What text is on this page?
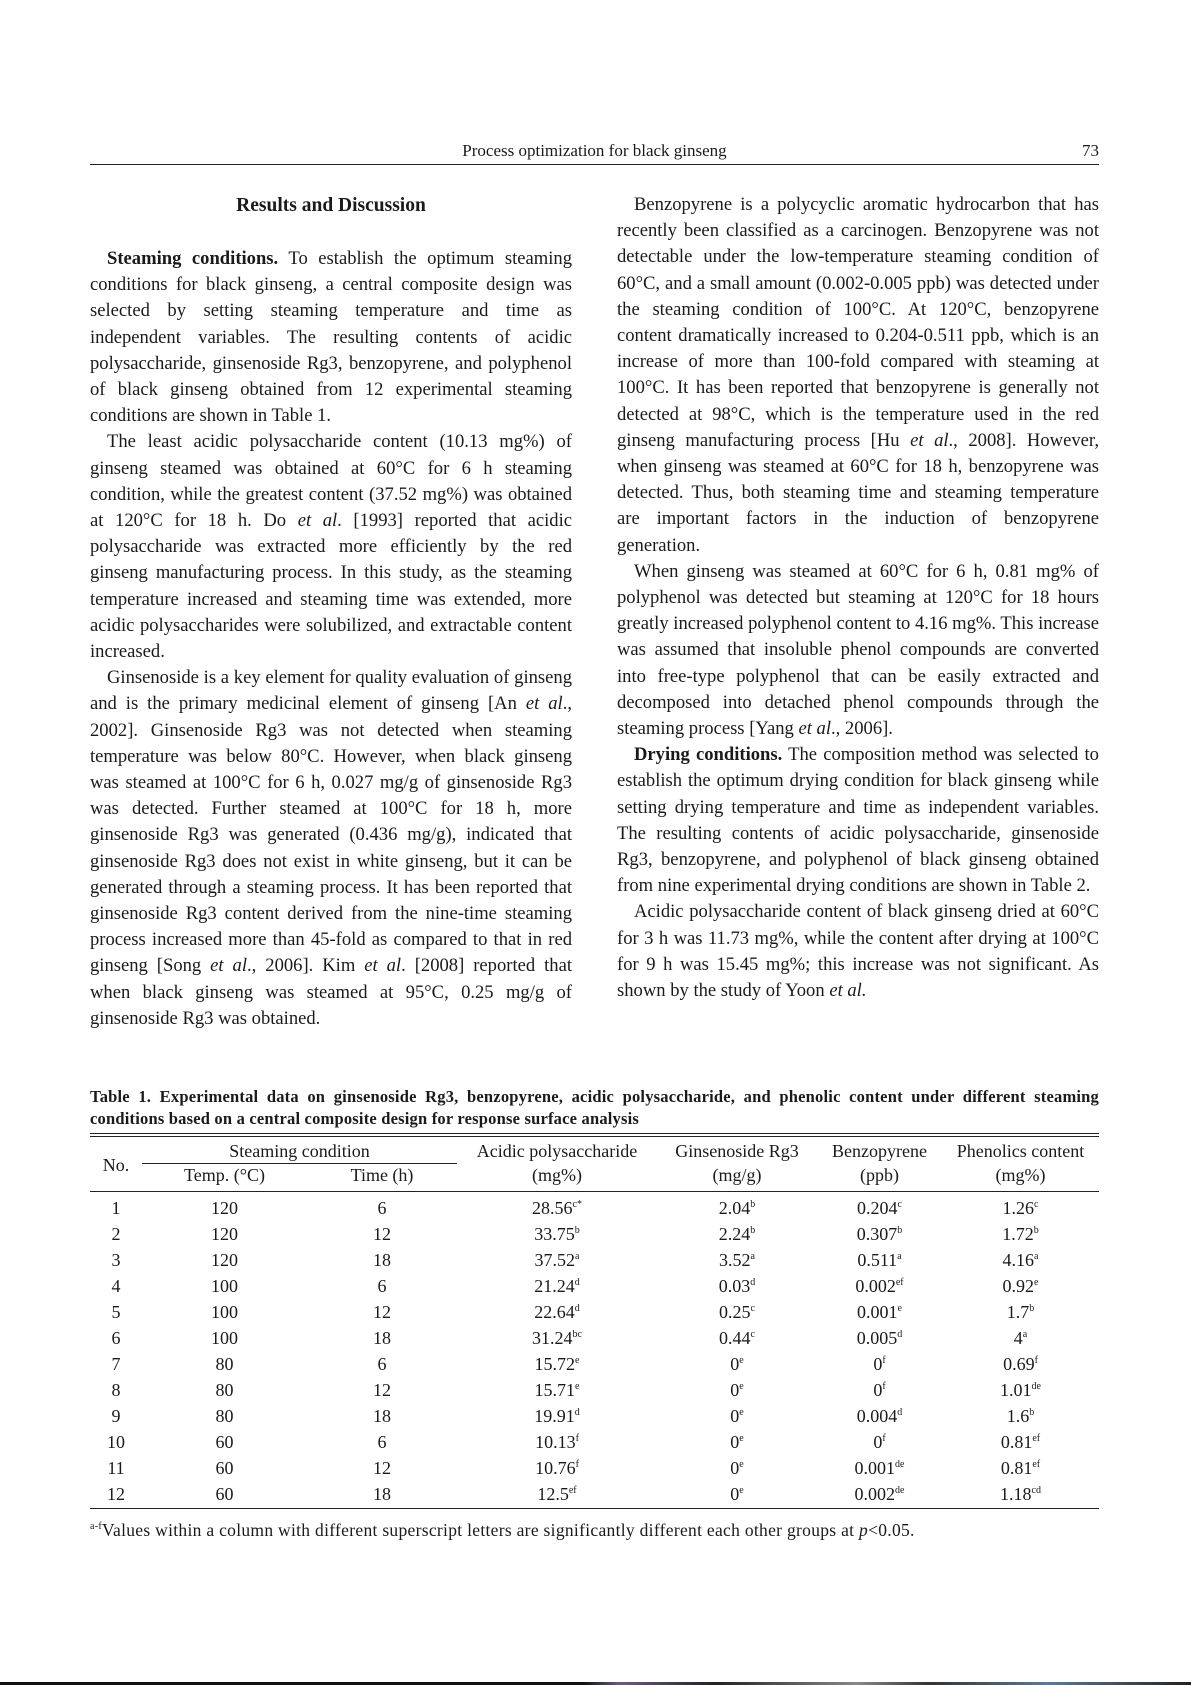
Process optimization for black ginseng	73
Results and Discussion

Steaming conditions. To establish the optimum steaming conditions for black ginseng, a central composite design was selected by setting steaming temperature and time as independent variables. The resulting contents of acidic polysaccharide, ginsenoside Rg3, benzopyrene, and polyphenol of black ginseng obtained from 12 experimental steaming conditions are shown in Table 1.

The least acidic polysaccharide content (10.13 mg%) of ginseng steamed was obtained at 60°C for 6 h steaming condition, while the greatest content (37.52 mg%) was obtained at 120°C for 18 h. Do et al. [1993] reported that acidic polysaccharide was extracted more efficiently by the red ginseng manufacturing process. In this study, as the steaming temperature increased and steaming time was extended, more acidic polysaccharides were solubilized, and extractable content increased.

Ginsenoside is a key element for quality evaluation of ginseng and is the primary medicinal element of ginseng [An et al., 2002]. Ginsenoside Rg3 was not detected when steaming temperature was below 80°C. However, when black ginseng was steamed at 100°C for 6 h, 0.027 mg/g of ginsenoside Rg3 was detected. Further steamed at 100°C for 18 h, more ginsenoside Rg3 was generated (0.436 mg/g), indicated that ginsenoside Rg3 does not exist in white ginseng, but it can be generated through a steaming process. It has been reported that ginsenoside Rg3 content derived from the nine-time steaming process increased more than 45-fold as compared to that in red ginseng [Song et al., 2006]. Kim et al. [2008] reported that when black ginseng was steamed at 95°C, 0.25 mg/g of ginsenoside Rg3 was obtained.

Benzopyrene is a polycyclic aromatic hydrocarbon that has recently been classified as a carcinogen. Benzopyrene was not detectable under the low-temperature steaming condition of 60°C, and a small amount (0.002-0.005 ppb) was detected under the steaming condition of 100°C. At 120°C, benzopyrene content dramatically increased to 0.204-0.511 ppb, which is an increase of more than 100-fold compared with steaming at 100°C. It has been reported that benzopyrene is generally not detected at 98°C, which is the temperature used in the red ginseng manufacturing process [Hu et al., 2008]. However, when ginseng was steamed at 60°C for 18 h, benzopyrene was detected. Thus, both steaming time and steaming temperature are important factors in the induction of benzopyrene generation.

When ginseng was steamed at 60°C for 6 h, 0.81 mg% of polyphenol was detected but steaming at 120°C for 18 hours greatly increased polyphenol content to 4.16 mg%. This increase was assumed that insoluble phenol compounds are converted into free-type polyphenol that can be easily extracted and decomposed into detached phenol compounds through the steaming process [Yang et al., 2006].

Drying conditions. The composition method was selected to establish the optimum drying condition for black ginseng while setting drying temperature and time as independent variables. The resulting contents of acidic polysaccharide, ginsenoside Rg3, benzopyrene, and polyphenol of black ginseng obtained from nine experimental drying conditions are shown in Table 2.

Acidic polysaccharide content of black ginseng dried at 60°C for 3 h was 11.73 mg%, while the content after drying at 100°C for 9 h was 15.45 mg%; this increase was not significant. As shown by the study of Yoon et al.

Table 1. Experimental data on ginsenoside Rg3, benzopyrene, acidic polysaccharide, and phenolic content under different steaming conditions based on a central composite design for response surface analysis
No.	Steaming condition		Acidic polysaccharide	Ginsenoside Rg3	Benzopyrene	Phenolics content
	Temp. (°C)	Time (h)	(mg%)	(mg/g)	(ppb)	(mg%)
1	120	6	$28.56^{c*}$	2.04$^b$	0.204$^c$	1.26$^c$
2	120	12	33.75$^b$	2.24$^b$	0.307$^b$	1.72$^b$
3	120	18	37.52$^a$	3.52$^a$	0.511$^a$	4.16$^a$
4	100	6	21.24$^d$	0.03$^d$	0.002$^{ef}$	0.92e
5	100	12	22.64$^d$	0.25$^c$	0.001e	1.7$^b$
6	100	18	31.24$^{bc}$	0.44$^c$	0.005$^d$	4$^a$
7	80	6	15.72e	0e	0$^f$	0.69$^f$
8	80	12	15.71e	0e	0$^f$	1.01de
9	80	18	19.91$^d$	0e	0.004$^d$	1.6$^b$
10	60	6	10.13$^f$	0e	0$^f$	0.81$^{ef}$
11	60	12	10.76$^f$	0e	0.001de	0.81$^{ef}$
12	60	18	12.5$^{ef}$	0e	0.002de	1.18$^{cd}$
$^{a-f}$Values within a column with different superscript letters are significantly different each other groups at p<0.05.
